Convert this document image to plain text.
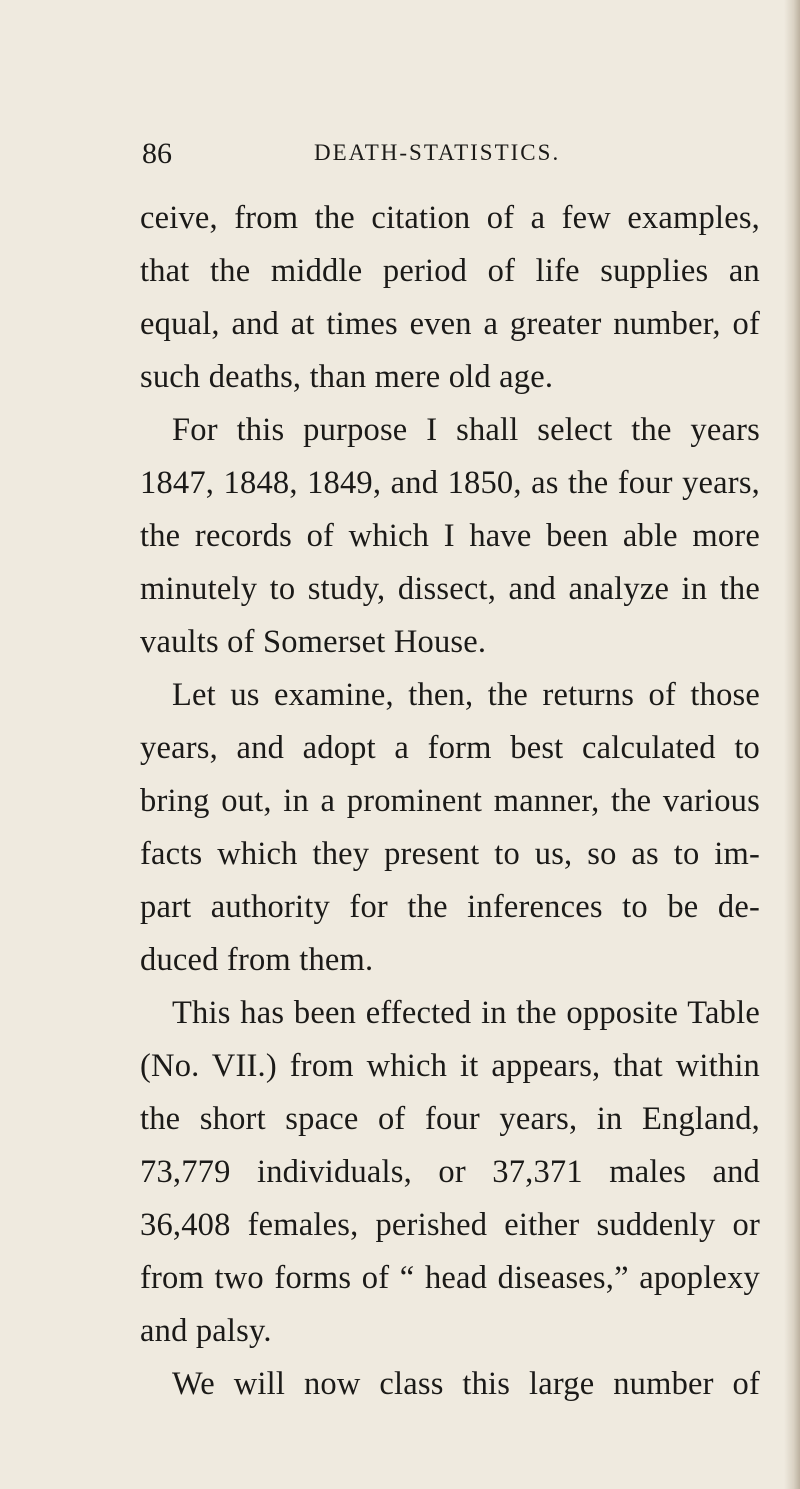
86	DEATH-STATISTICS.
ceive, from the citation of a few examples,
that the middle period of life supplies an
equal, and at times even a greater number, of
such deaths, than mere old age.
For this purpose I shall select the years
1847, 1848, 1849, and 1850, as the four years,
the records of which I have been able more
minutely to study, dissect, and analyze in the
vaults of Somerset House.
Let us examine, then, the returns of those
years, and adopt a form best calculated to
bring out, in a prominent manner, the various
facts which they present to us, so as to im-
part authority for the inferences to be de-
duced from them.
This has been effected in the opposite Table
(No. VII.) from which it appears, that within
the short space of four years, in England,
73,779 individuals, or 37,371 males and
36,408 females, perished either suddenly or
from two forms of “ head diseases,” apoplexy
and palsy.
We will now class this large number of
